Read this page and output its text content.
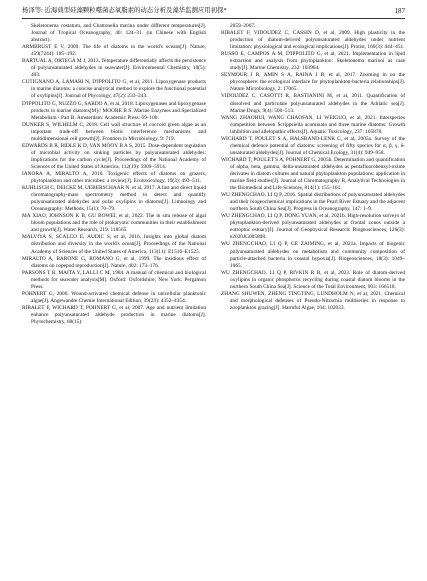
杨泽等: 近海典型硅藻颗粒噬菌态氧脂素的动态分析及藻华监测应用初探*	187

Skeletonema costatum, and Chattonella marina under different temperatures[J]. Journal of Tropical Oceanography, 40: 124–31. (in Chinese with English abstract).

ARMBRUST E V, 2009. The life of diatoms in the world's oceans[J]. Nature, 459(7244): 185–192.

BARTUAL A, ORTEGA M J, 2013. Temperature differentially affects the persistence of polyunsaturated aldehydes in seawater[J]. Environmental Chemistry, 10(5): 403.

CUTIGNANO A, LAMARI N, D'IPPOLITO G, et al, 2011. Lipoxygenase products in marine diatoms: a concise analytical method to explore the functional potential of oxylipins[J]. Journal of Phycology, 47(2): 233–243.

D'IPPOLITO G, NUZZO G, SARDO A, et al, 2018. Lipoxygenases and lipoxygenase products in marine diatoms[M]// MOORE B S. Marine Enzymes and Specialized Metabolism - Part B. Amsterdam: Academic Press: 69–100.

DUNKER S, WILHELM C, 2018. Cell wall structure of coccoid green algae as an important trade-off between biotic interference mechanisms and multidimensional cell growth[J]. Frontiers in Microbiology, 9: 719.

EDWARDS B R, BIDLE K D, VAN MOOY B A S, 2015. Dose-dependent regulation of microbial activity on sinking particles by polyunsaturated aldehydes: Implications for the carbon cycle[J]. Proceedings of the National Academy of Sciences of the United States of America, 112(19): 5909–5914.

IANORA A, MIRALTO A, 2010. Toxigenic effects of diatoms on grazers, phytoplankton and other microbes: a review[J]. Ecotoxicology, 19(3): 493–511.

KUHLISCH C, DEICKE M, UEBERSCHAAR N, et al, 2017. A fast and direct liquid chromatography-mass spectrometry method to detect and quantify polyunsaturated aldehydes and polar oxylipins in diatoms[J]. Limnology and Oceanography: Methods, 15(1): 70–79.

MA XIAO, JOHNSON K B, GU BOWEI, et al, 2022. The in situ release of algal bloom populations and the role of prokaryotic communities in their establishment and growth[J]. Water Research, 219: 118565.

MALVIYA S, SCALCO E, AUDIC S, et al, 2016. Insights into global diatom distribution and diversity in the world's ocean[J]. Proceedings of the National Academy of Sciences of the United States of America, 113(11): E1516–E1525.

MIRALTO A, BARONE G, ROMANO G, et al, 1999. The insidious effect of diatoms on copepod reproduction[J]. Nature, 402: 173–176.

PARSONS T R, MAITA Y, LALLI C M, 1984. A manual of chemical and biological methods for seawater analysis[M]. Oxford: Oxfordshire; New York: Pergamon Press.

POHNERT G, 2000. Wound-activated chemical defense in unicellular planktonic algae[J]. Angewandte Chemie International Edition, 39(23): 4352–4354.

RIBALET F, WICHARD T, POHNERT G, et al, 2007. Age and nutrient limitation enhance polyunsaturated aldehyde production in marine diatoms[J]. Phytochemistry, 68(15):

2059–2067.

RIBALET F, VIDOUDEZ C, CASSIN D, et al, 2009. High plasticity in the production of diatom-derived polyunsaturated aldehydes under nutrient limitation: physiological and ecological implications[J]. Protist, 160(3): 444–451.

RUSSO E, CAMPOS A M, D'IPPOLITO G, et al, 2021. Implementation in lipid extraction and analysis from phytoplankton: Skeletonema marinoi as case study[J]. Marine Chemistry, 232: 103964.

SEYMOUR J R, AMIN S A, RAINA J B, et al, 2017. Zooming in on the phycosphere: the ecological interface for phytoplankton-bacteria relationships[J]. Nature Microbiology, 2: 17065.

VIDOUDEZ C, CASOTTI R, BASTIANINI M, et al, 2011. Quantification of dissolved and particulate polyunsaturated aldehydes in the Adriatic sea[J]. Marine Drugs, 9(4): 500–513.

WANG ZHAOHUI, WANG CHAOFAN, LI WEIGUO, et al, 2021. Interspecies competition between Scrippsiella acuminata and three marine diatoms: Growth inhibition and allelopathic effects[J]. Aquatic Toxicology, 237: 105878.

WICHARD T, POULET S A, HALSBAND-LENK C, et al, 2005a. Survey of the chemical defence potential of diatoms: screening of fifty species for α, β, γ, δ-unsaturated aldehydes[J]. Journal of Chemical Ecology, 31(4): 949–958.

WICHARD T, POULET S A, POHNERT G, 2005b. Determination and quantification of alpha, beta, gamma, delta-unsaturated aldehydes as pentafluorobenzyl-oxime derivates in diatom cultures and natural phytoplankton populations: application in marine field studies[J]. Journal of Chromatography B, Analytical Technologies in the Biomedical and Life Sciences, 814(1): 155–161.

WU ZHENGCHAO, LI Q P, 2016. Spatial distributions of polyunsaturated aldehydes and their biogeochemical implications in the Pearl River Estuary and the adjacent northern South China Sea[J]. Progress in Oceanography, 147: 1–9.

WU ZHENGCHAO, LI Q P, DONG YUAN, et al, 2021b. High-resolution surveys of phytoplankton-derived polyunsaturated aldehydes at frontal zones outside a eutrophic estuary[J]. Journal of Geophysical Research: Biogeosciences, 126(3): e2020JG005808.

WU ZHENGCHAO, LI Q P, GE ZAIMING, et al, 2021a. Impacts of biogenic polyunsaturated aldehydes on metabolism and community composition of particle-attached bacteria in coastal hypoxia[J]. Biogeosciences, 18(3): 1049–1065.

WU ZHENGCHAO, LI Q P, RIVKIN R B, et al, 2023. Role of diatom-derived oxylipins in organic phosphorus recycling during coastal diatom blooms in the northern South China Sea[J]. Science of the Total Environment, 903: 166518.

ZHANG SHUWEN, ZHENG TINGTING, LUNDHOLM N, et al, 2021. Chemical and morphological defenses of Pseudo-Nitzschia multiseries in response to zooplankton grazing[J]. Harmful Algae, 104: 102033.
